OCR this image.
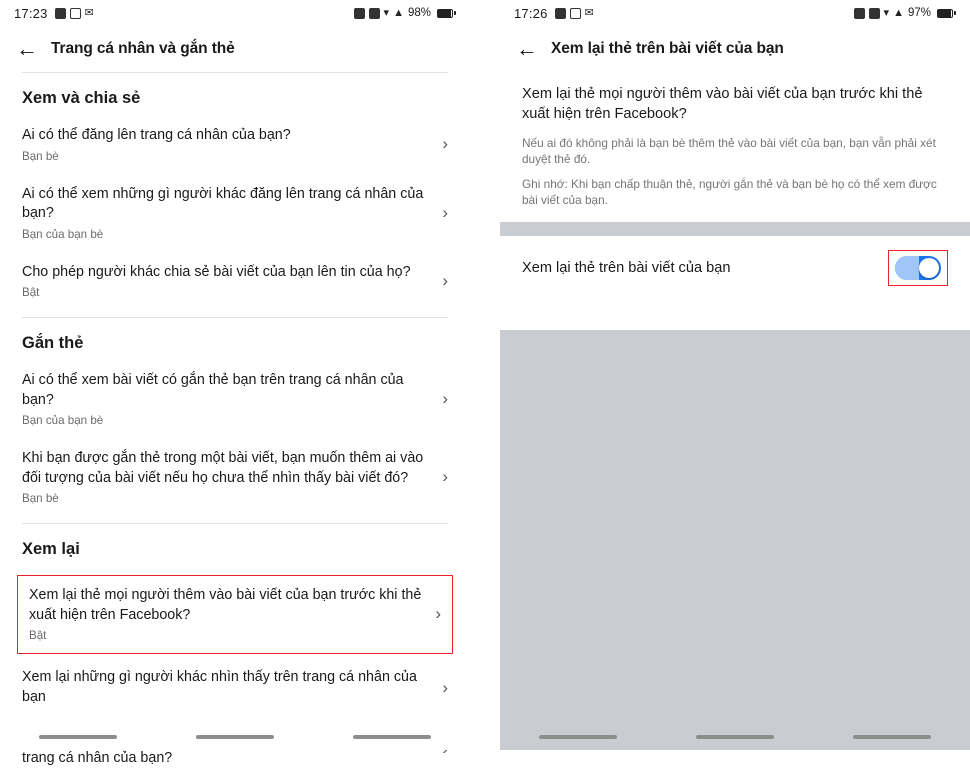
17:23	✉	▾ ▲ 98%
← Trang cá nhân và gắn thẻ
Xem và chia sẻ
Ai có thể đăng lên trang cá nhân của bạn?
Bạn bè
›
Ai có thể xem những gì người khác đăng lên trang cá nhân của bạn?
Bạn của bạn bè
›
Cho phép người khác chia sẻ bài viết của bạn lên tin của họ?
Bật
›
Gắn thẻ
Ai có thể xem bài viết có gắn thẻ bạn trên trang cá nhân của bạn?
Bạn của bạn bè
›
Khi bạn được gắn thẻ trong một bài viết, bạn muốn thêm ai vào đối tượng của bài viết nếu họ chưa thể nhìn thấy bài viết đó?
Bạn bè
›
Xem lại
Xem lại thẻ mọi người thêm vào bài viết của bạn trước khi thẻ xuất hiện trên Facebook?
Bật
›
Xem lại những gì người khác nhìn thấy trên trang cá nhân của bạn	›
trang cá nhân của bạn?
17:26	✉	▾ ▲ 97%
← Xem lại thẻ trên bài viết của bạn
Xem lại thẻ mọi người thêm vào bài viết của bạn trước khi thẻ xuất hiện trên Facebook?
Nếu ai đó không phải là bạn bè thêm thẻ vào bài viết của bạn, bạn vẫn phải xét duyệt thẻ đó.
Ghi nhớ: Khi bạn chấp thuận thẻ, người gắn thẻ và bạn bè họ có thể xem được bài viết của bạn.
Xem lại thẻ trên bài viết của bạn
